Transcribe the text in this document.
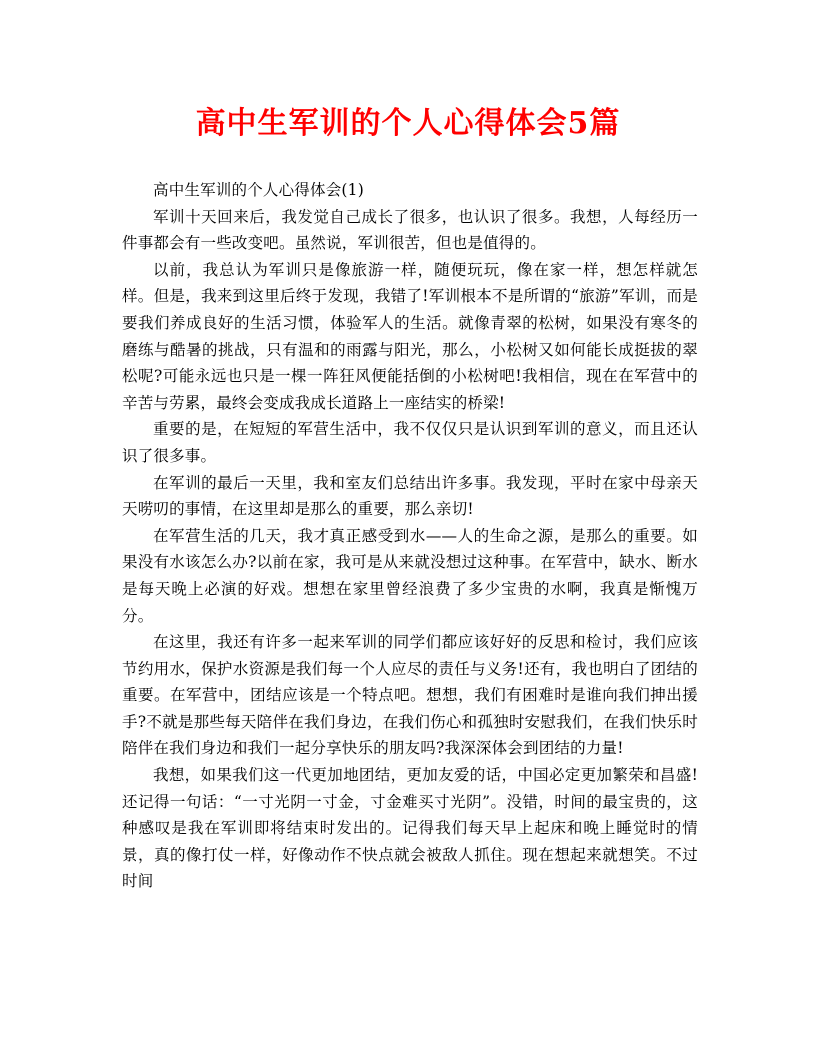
高中生军训的个人心得体会5篇

高中生军训的个人心得体会(1)

军训十天回来后，我发觉自己成长了很多，也认识了很多。我想，人每经历一件事都会有一些改变吧。虽然说，军训很苦，但也是值得的。

以前，我总认为军训只是像旅游一样，随便玩玩，像在家一样，想怎样就怎样。但是，我来到这里后终于发现，我错了!军训根本不是所谓的“旅游”军训，而是要我们养成良好的生活习惯，体验军人的生活。就像青翠的松树，如果没有寒冬的磨练与酷暑的挑战，只有温和的雨露与阳光，那么，小松树又如何能长成挺拔的翠松呢?可能永远也只是一棵一阵狂风便能括倒的小松树吧!我相信，现在在军营中的辛苦与劳累，最终会变成我成长道路上一座结实的桥梁!

重要的是，在短短的军营生活中，我不仅仅只是认识到军训的意义，而且还认识了很多事。

在军训的最后一天里，我和室友们总结出许多事。我发现，平时在家中母亲天天唠叨的事情，在这里却是那么的重要，那么亲切!

在军营生活的几天，我才真正感受到水——人的生命之源，是那么的重要。如果没有水该怎么办?以前在家，我可是从来就没想过这种事。在军营中，缺水、断水是每天晚上必演的好戏。想想在家里曾经浪费了多少宝贵的水啊，我真是惭愧万分。

在这里，我还有许多一起来军训的同学们都应该好好的反思和检讨，我们应该节约用水，保护水资源是我们每一个人应尽的责任与义务!还有，我也明白了团结的重要。在军营中，团结应该是一个特点吧。想想，我们有困难时是谁向我们抻出援手?不就是那些每天陪伴在我们身边，在我们伤心和孤独时安慰我们，在我们快乐时陪伴在我们身边和我们一起分享快乐的朋友吗?我深深体会到团结的力量!

我想，如果我们这一代更加地团结，更加友爱的话，中国必定更加繁荣和昌盛!还记得一句话：“一寸光阴一寸金，寸金难买寸光阴”。没错，时间的最宝贵的，这种感叹是我在军训即将结束时发出的。记得我们每天早上起床和晚上睡觉时的情景，真的像打仗一样，好像动作不快点就会被敌人抓住。现在想起来就想笑。不过时间
